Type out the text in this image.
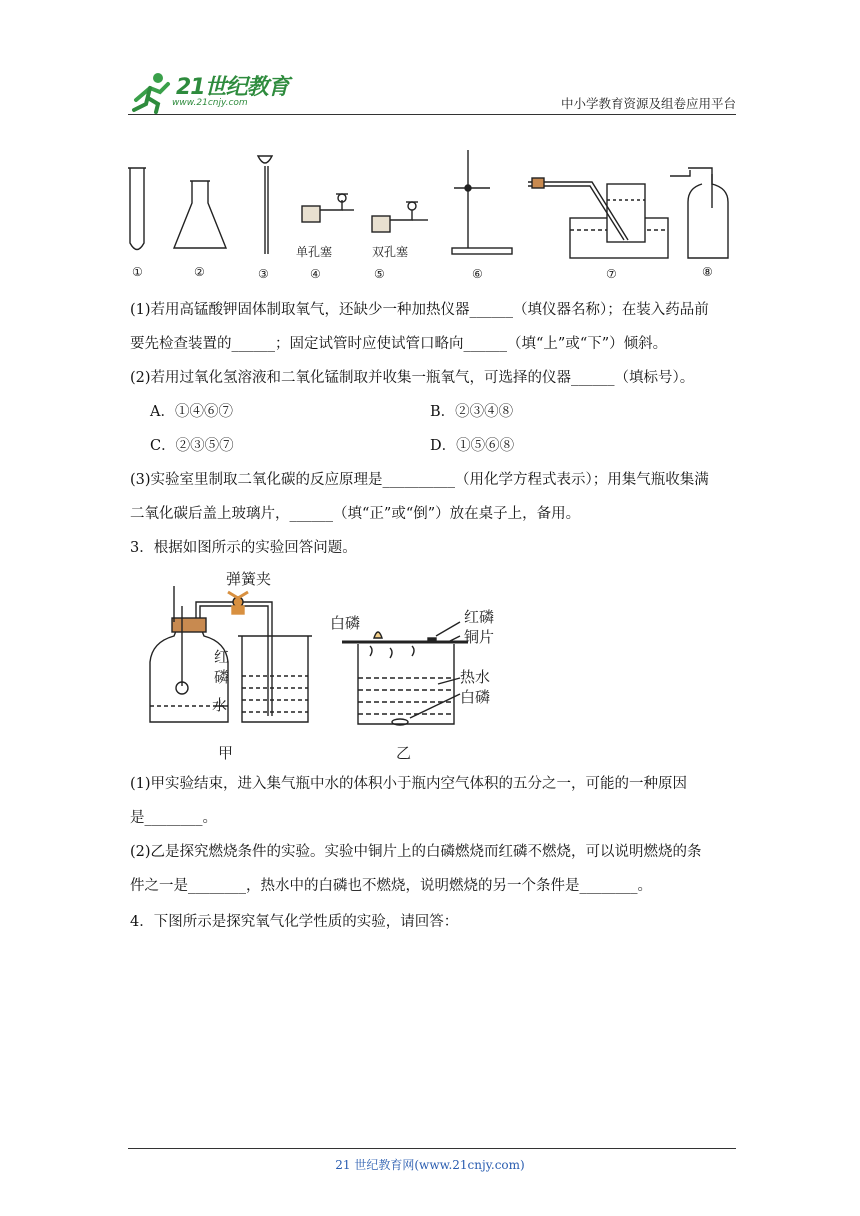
21世纪教育
www.21cnjy.com	中小学教育资源及组卷应用平台
①	②	③	④	⑤	⑥	⑦	⑧
单孔塞	双孔塞
(1)若用高锰酸钾固体制取氧气，还缺少一种加热仪器______（填仪器名称）；在装入药品前
要先检查装置的______；固定试管时应使试管口略向______（填“上”或“下”）倾斜。
(2)若用过氧化氢溶液和二氧化锰制取并收集一瓶氧气，可选择的仪器______（填标号）。
A．①④⑥⑦	B．②③④⑧
C．②③⑤⑦	D．①⑤⑥⑧
(3)实验室里制取二氧化碳的反应原理是__________（用化学方程式表示）；用集气瓶收集满
二氧化碳后盖上玻璃片，______（填“正”或“倒”）放在桌子上，备用。
3．根据如图所示的实验回答问题。
弹簧夹
红
磷
水
甲
白磷	红磷
铜片
热水
白磷
乙
(1)甲实验结束，进入集气瓶中水的体积小于瓶内空气体积的五分之一，可能的一种原因
是________。
(2)乙是探究燃烧条件的实验。实验中铜片上的白磷燃烧而红磷不燃烧，可以说明燃烧的条
件之一是________，热水中的白磷也不燃烧，说明燃烧的另一个条件是________。
4．下图所示是探究氧气化学性质的实验，请回答：
21 世纪教育网(www.21cnjy.com)
